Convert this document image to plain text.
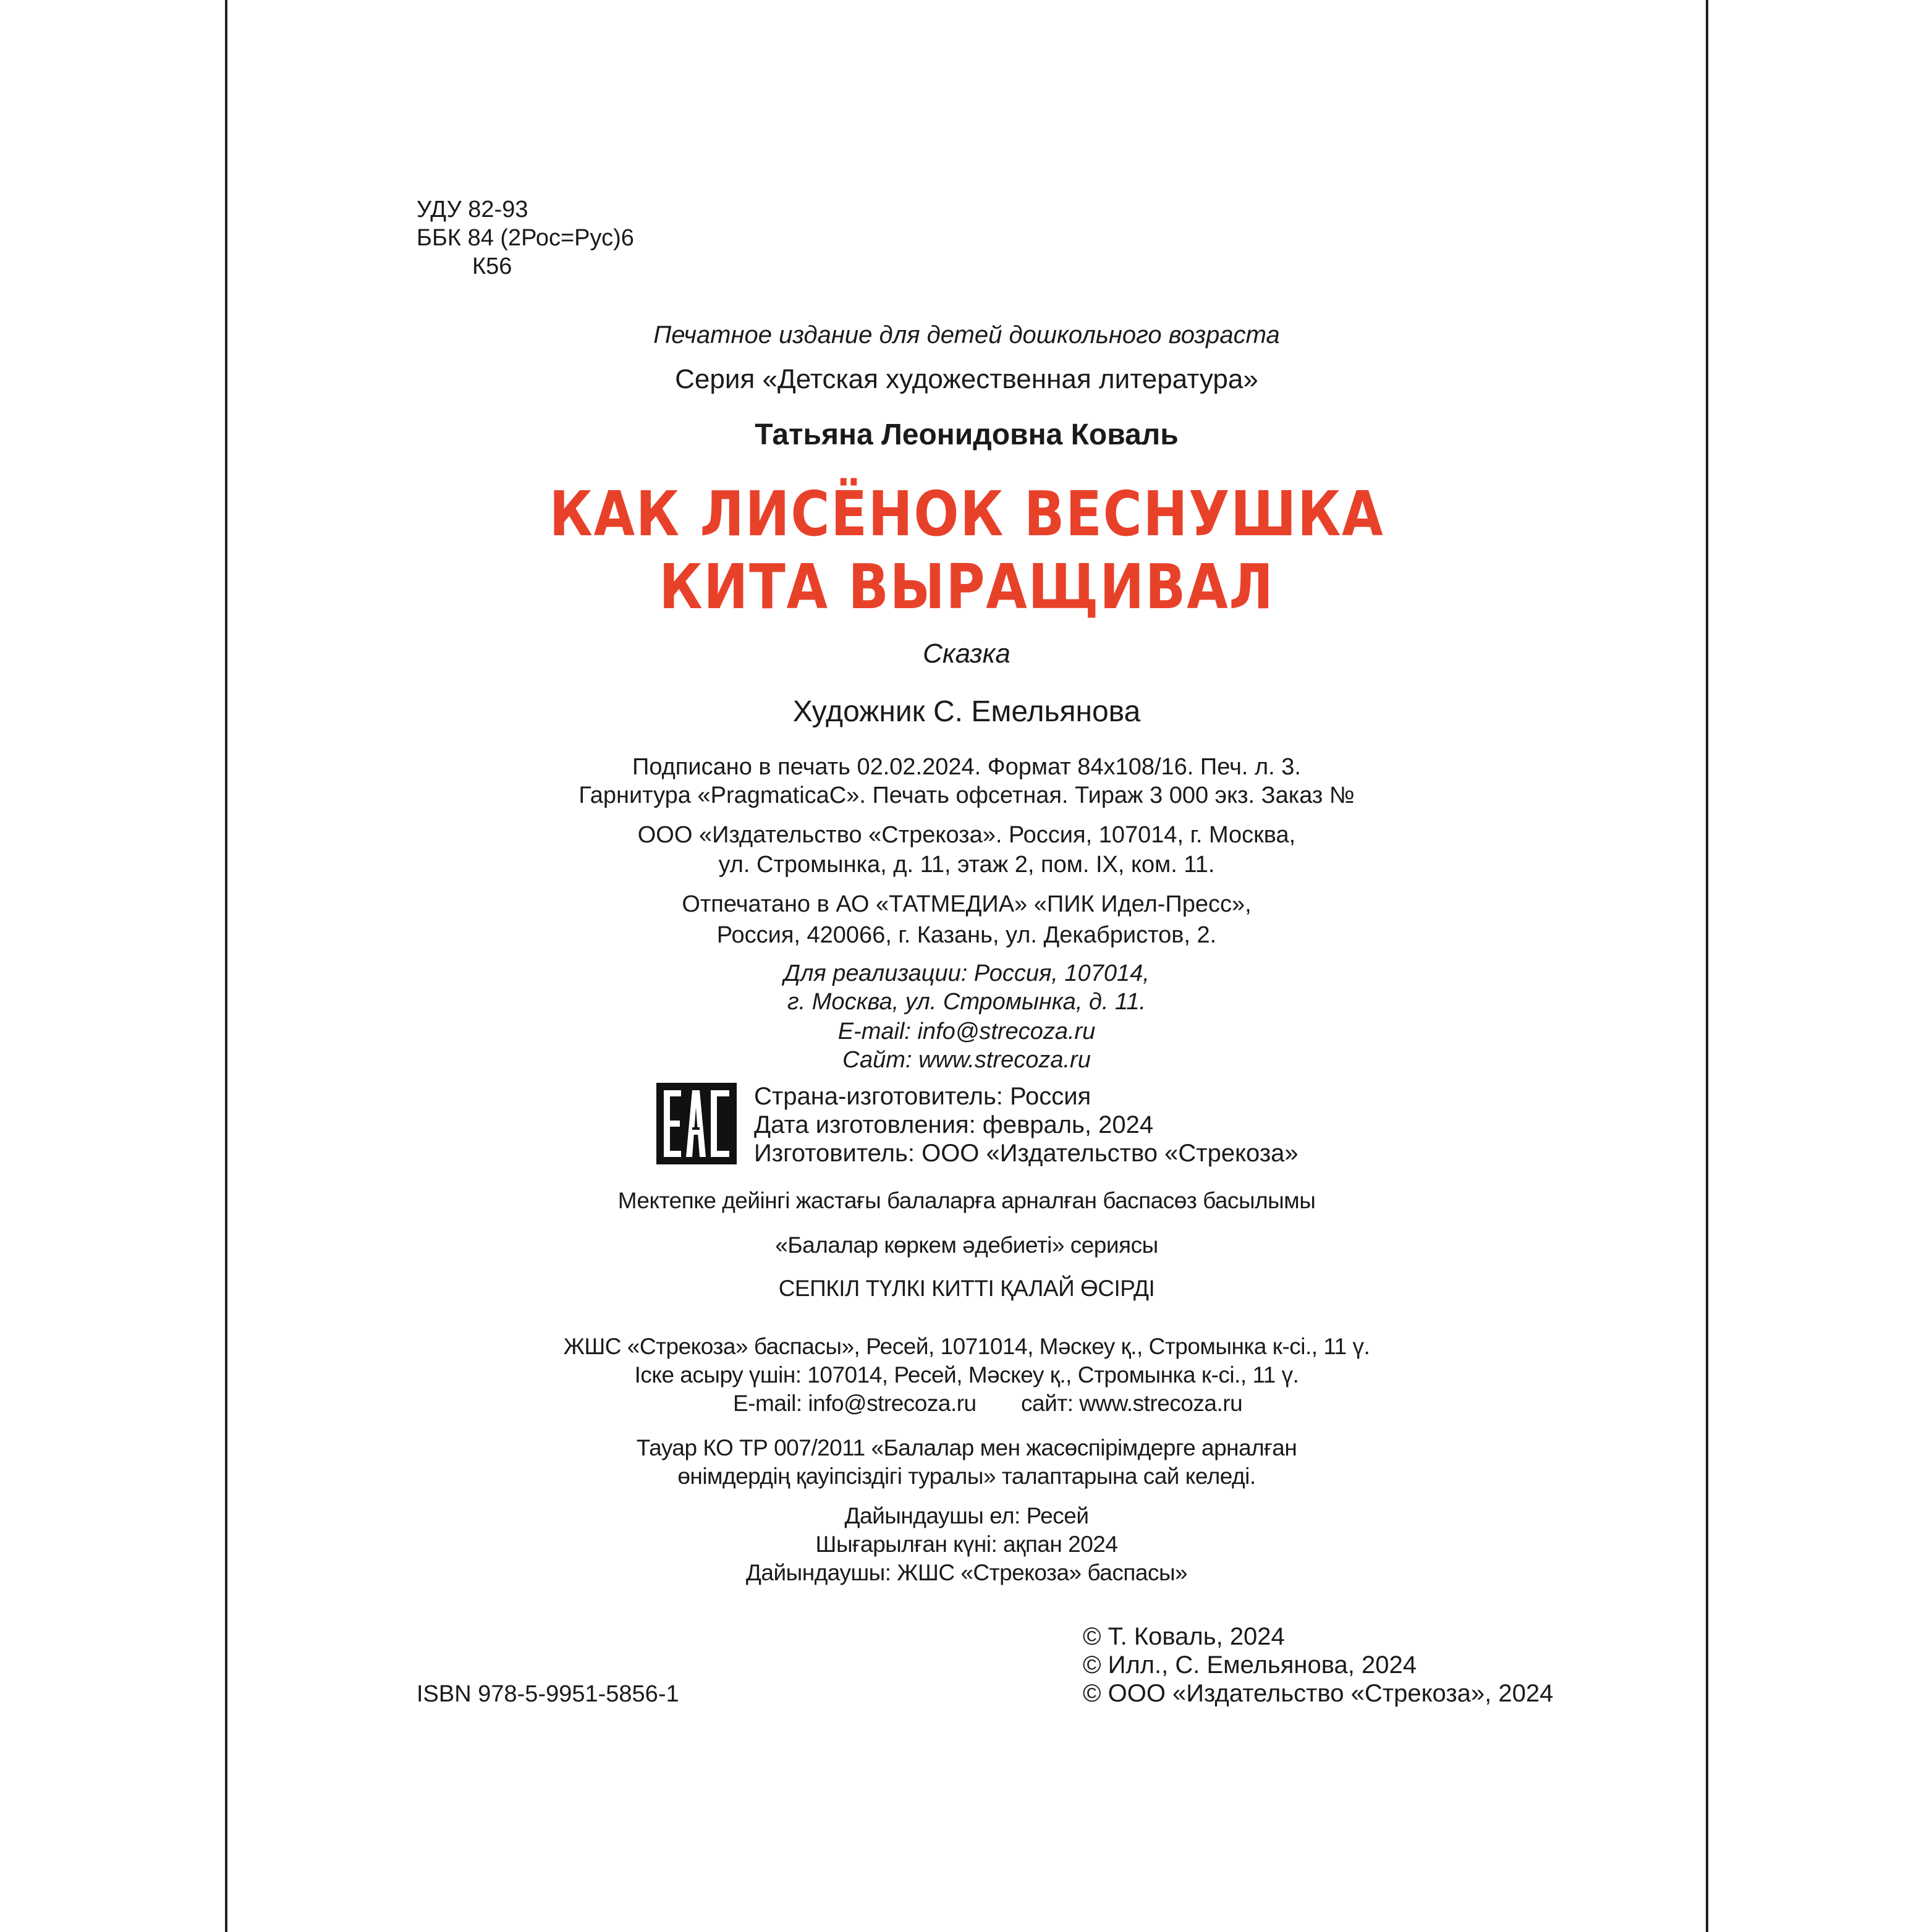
УДУ 82-93
ББК 84 (2Рос=Рус)6
К56
Печатное издание для детей дошкольного возраста
Серия «Детская художественная литература»
Татьяна Леонидовна Коваль
КАК ЛИСЁНОК ВЕСНУШКА
КИТА ВЫРАЩИВАЛ
Сказка
Художник С. Емельянова
Подписано в печать 02.02.2024. Формат 84x108/16. Печ. л. 3.
Гарнитура «PragmaticaC». Печать офсетная. Тираж 3 000 экз. Заказ №
ООО «Издательство «Стрекоза». Россия, 107014, г. Москва,
ул. Стромынка, д. 11, этаж 2, пом. IX, ком. 11.
Отпечатано в АО «ТАТМЕДИА» «ПИК Идел-Пресс»,
Россия, 420066, г. Казань, ул. Декабристов, 2.
Для реализации: Россия, 107014,
г. Москва, ул. Стромынка, д. 11.
E-mail: info@strecoza.ru
Сайт: www.strecoza.ru
Страна-изготовитель: Россия
Дата изготовления: февраль, 2024
Изготовитель: ООО «Издательство «Стрекоза»
Мектепке дейінгі жастағы балаларға арналған баспасөз басылымы
«Балалар көркем әдебиеті» сериясы
СЕПКІЛ ТҮЛКІ КИТТІ ҚАЛАЙ ӨСІРДІ
ЖШС «Стрекоза» баспасы», Ресей, 1071014, Мәскеу қ., Стромынка к-сі., 11 ү.
Іске асыру үшін: 107014, Ресей, Мәскеу қ., Стромынка к-сі., 11 ү.
E-mail: info@strecoza.ru сайт: www.strecoza.ru
Тауар КО ТР 007/2011 «Балалар мен жасөспірімдерге арналған
өнімдердің қауіпсіздігі туралы» талаптарына сай келеді.
Дайындаушы ел: Ресей
Шығарылған күні: ақпан 2024
Дайындаушы: ЖШС «Стрекоза» баспасы»
© Т. Коваль, 2024
© Илл., С. Емельянова, 2024
© ООО «Издательство «Стрекоза», 2024
ISBN 978-5-9951-5856-1
